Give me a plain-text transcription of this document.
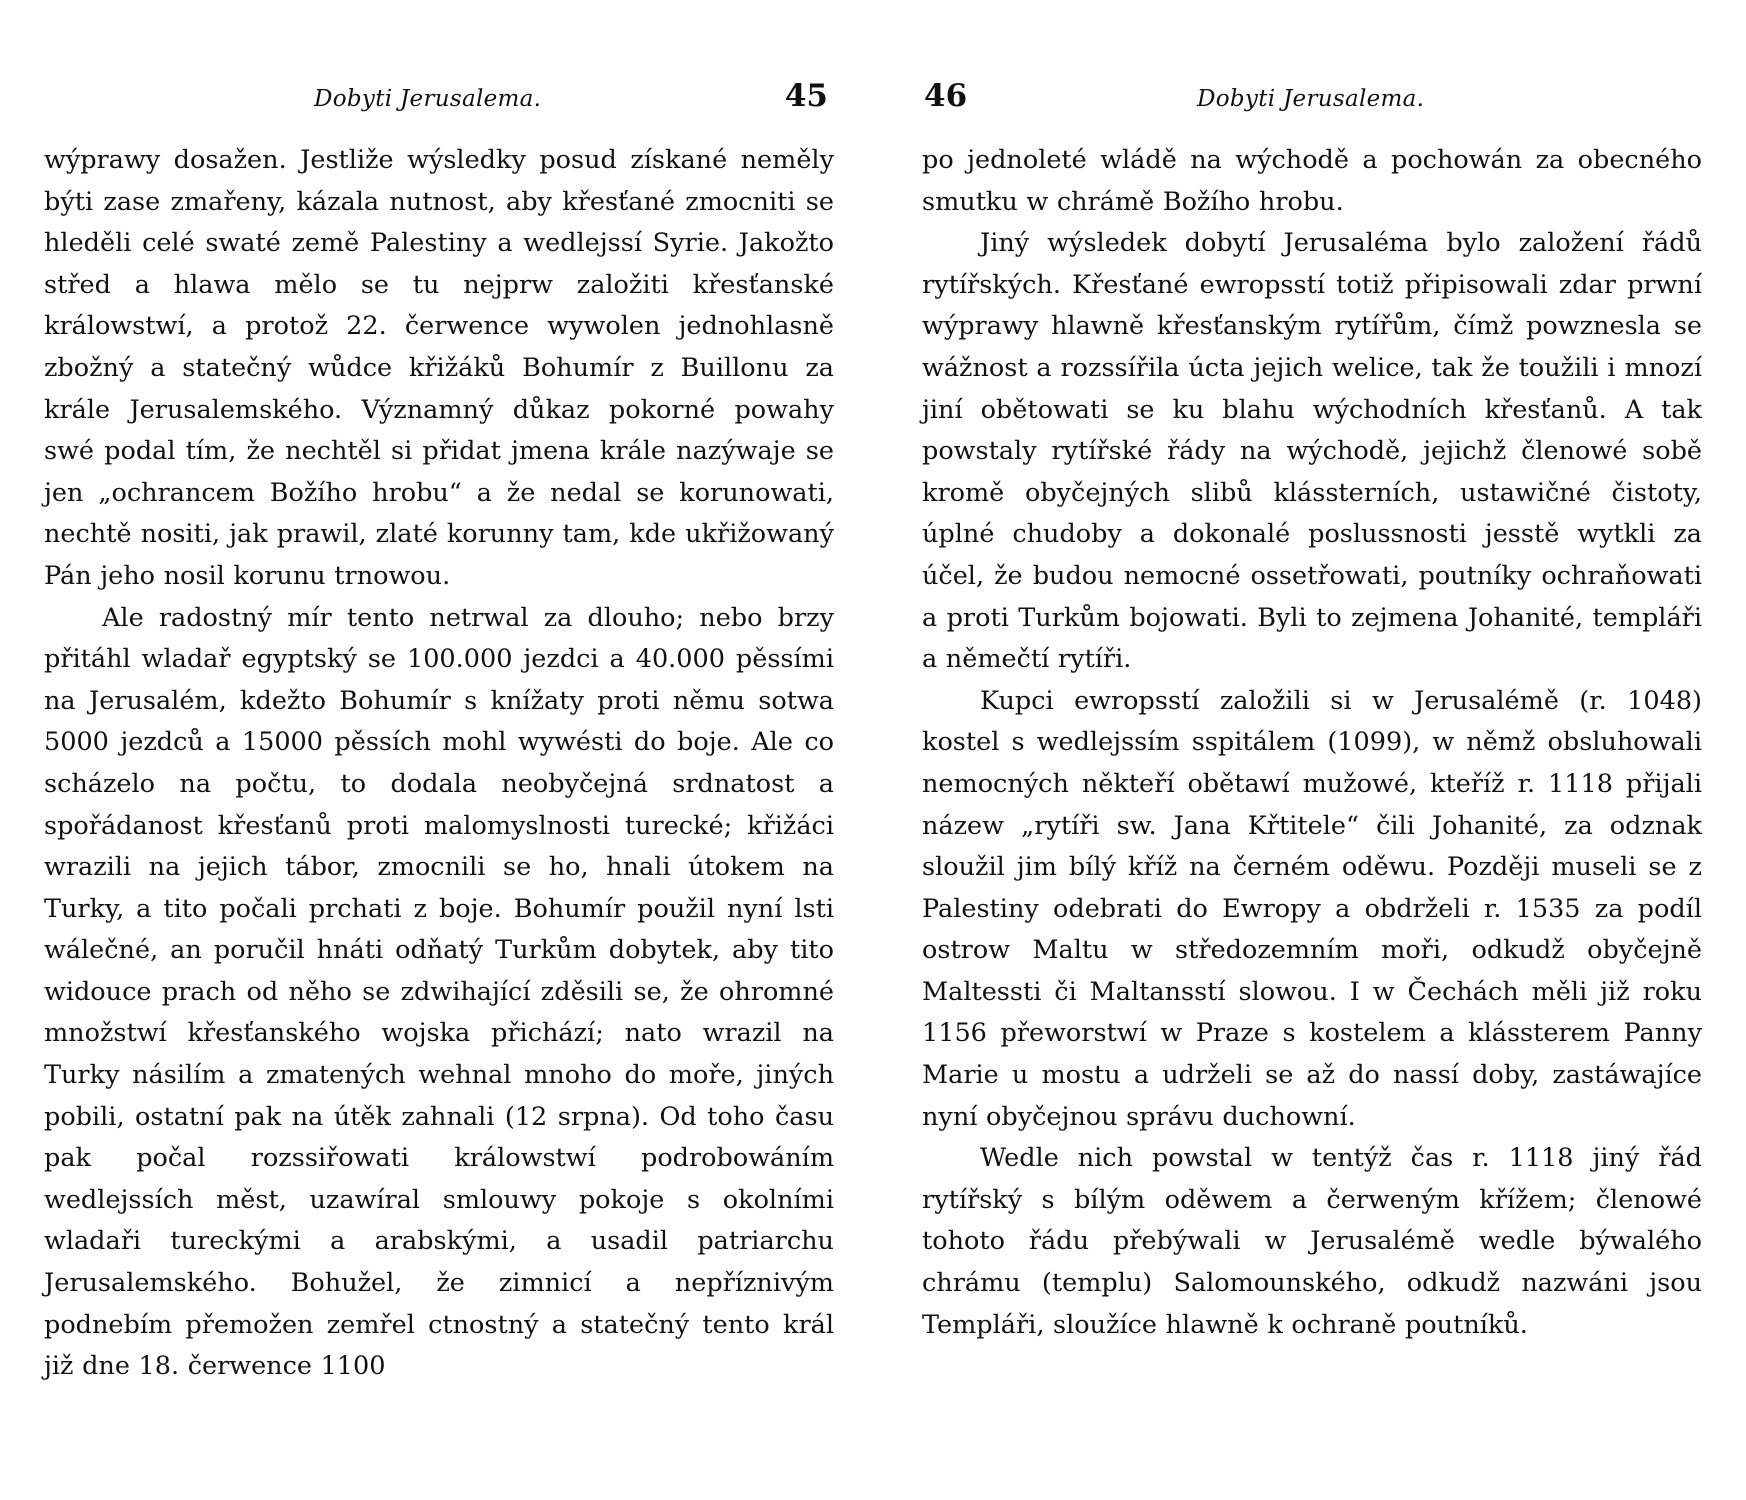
Dobyti Jerusalema.	45

wýprawy dosažen. Jestliže wýsledky posud získané neměly býti zase zmařeny, kázala nutnost, aby křesťané zmocniti se hleděli celé swaté země Palestiny a wedlejssí Syrie. Jakožto střed a hlawa mělo se tu nejprw založiti křesťanské králowstwí, a protož 22. čerwence wywolen jednohlasně zbožný a statečný wůdce křižáků Bohumír z Buillonu za krále Jerusalemského. Významný důkaz pokorné powahy swé podal tím, že nechtěl si přidat jmena krále nazýwaje se jen „ochrancem Božího hrobu“ a že nedal se korunowati, nechtě nositi, jak prawil, zlaté korunny tam, kde ukřižowaný Pán jeho nosil korunu trnowou.

Ale radostný mír tento netrwal za dlouho; nebo brzy přitáhl wladař egyptský se 100.000 jezdci a 40.000 pěssími na Jerusalém, kdežto Bohumír s knížaty proti němu sotwa 5000 jezdců a 15000 pěssích mohl wywésti do boje. Ale co scházelo na počtu, to dodala neobyčejná srdnatost a spořádanost křesťanů proti malomyslnosti turecké; křižáci wrazili na jejich tábor, zmocnili se ho, hnali útokem na Turky, a tito počali prchati z boje. Bohumír použil nyní lsti wálečné, an poručil hnáti odňatý Turkům dobytek, aby tito widouce prach od něho se zdwihající zděsili se, že ohromné množstwí křesťanského wojska přichází; nato wrazil na Turky násilím a zmatených wehnal mnoho do moře, jiných pobili, ostatní pak na útěk zahnali (12 srpna). Od toho času pak počal rozssiřowati králowstwí podrobowáním wedlejssích měst, uzawíral smlouwy pokoje s okolními wladaři tureckými a arabskými, a usadil patriarchu Jerusalemského. Bohužel, že zimnicí a nepříznivým podnebím přemožen zemřel ctnostný a statečný tento král již dne 18. čerwence 1100

46	Dobyti Jerusalema.

po jednoleté wládě na wýchodě a pochowán za obecného smutku w chrámě Božího hrobu.

Jiný wýsledek dobytí Jerusaléma bylo založení řádů rytířských. Křesťané ewropsstí totiž připisowali zdar prwní wýprawy hlawně křesťanským rytířům, čímž powznesla se wážnost a rozssířila úcta jejich welice, tak že toužili i mnozí jiní obětowati se ku blahu wýchodních křesťanů. A tak powstaly rytířské řády na wýchodě, jejichž členowé sobě kromě obyčejných slibů klássterních, ustawičné čistoty, úplné chudoby a dokonalé poslussnosti jesstě wytkli za účel, že budou nemocné ossetřowati, poutníky ochraňowati a proti Turkům bojowati. Byli to zejmena Johanité, templáři a němečtí rytíři.

Kupci ewropsstí založili si w Jerusalémě (r. 1048) kostel s wedlejssím sspitálem (1099), w němž obsluhowali nemocných někteří obětawí mužowé, kteříž r. 1118 přijali názew „rytíři sw. Jana Křtitele“ čili Johanité, za odznak sloužil jim bílý kříž na černém oděwu. Později museli se z Palestiny odebrati do Ewropy a obdrželi r. 1535 za podíl ostrow Maltu w středozemním moři, odkudž obyčejně Maltessti či Maltansstí slowou. I w Čechách měli již roku 1156 přeworstwí w Praze s kostelem a klássterem Panny Marie u mostu a udrželi se až do nassí doby, zastáwajíce nyní obyčejnou správu duchowní.

Wedle nich powstal w tentýž čas r. 1118 jiný řád rytířský s bílým oděwem a čerweným křížem; členowé tohoto řádu přebýwali w Jerusalémě wedle býwalého chrámu (templu) Salomounského, odkudž nazwáni jsou Templáři, sloužíce hlawně k ochraně poutníků.
